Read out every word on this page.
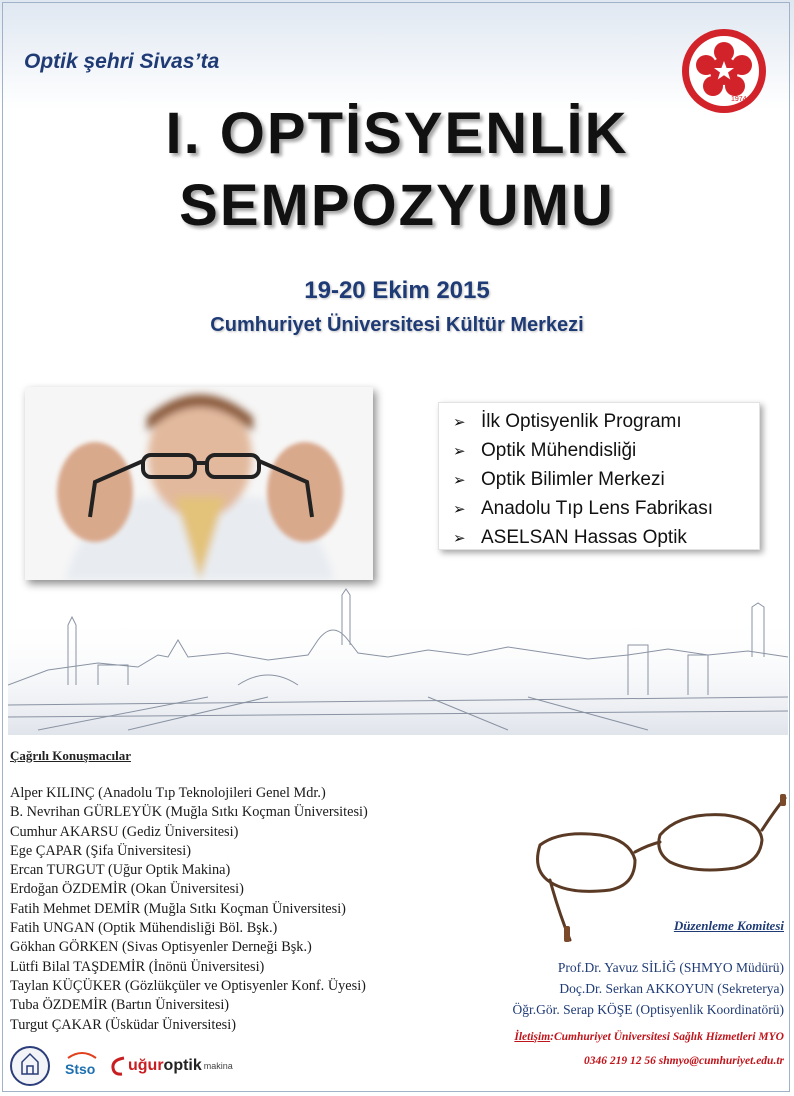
Optik şehri Sivas’ta
1974
I. OPTİSYENLİK
SEMPOZYUMU
19-20 Ekim 2015
Cumhuriyet Üniversitesi Kültür Merkezi
➢ İlk Optisyenlik Programı
➢ Optik Mühendisliği
➢ Optik Bilimler Merkezi
➢ Anadolu Tıp Lens Fabrikası
➢ ASELSAN Hassas Optik
Çağrılı Konuşmacılar
Alper KILINÇ (Anadolu Tıp Teknolojileri Genel Mdr.)
B. Nevrihan GÜRLEYÜK (Muğla Sıtkı Koçman Üniversitesi)
Cumhur AKARSU (Gediz Üniversitesi)
Ege ÇAPAR (Şifa Üniversitesi)
Ercan TURGUT (Uğur Optik Makina)
Erdoğan ÖZDEMİR (Okan Üniversitesi)
Fatih Mehmet DEMİR (Muğla Sıtkı Koçman Üniversitesi)
Fatih UNGAN (Optik Mühendisliği Böl. Bşk.)
Gökhan GÖRKEN (Sivas Optisyenler Derneği Bşk.)
Lütfi Bilal TAŞDEMİR (İnönü Üniversitesi)
Taylan KÜÇÜKER (Gözlükçüler ve Optisyenler Konf. Üyesi)
Tuba ÖZDEMİR (Bartın Üniversitesi)
Turgut ÇAKAR (Üsküdar Üniversitesi)
Düzenleme Komitesi
Prof.Dr. Yavuz SİLİĞ (SHMYO Müdürü)
Doç.Dr. Serkan AKKOYUN (Sekreterya)
Öğr.Gör. Serap KÖŞE (Optisyenlik Koordinatörü)
İletişim:Cumhuriyet Üniversitesi Sağlık Hizmetleri MYO
0346 219 12 56 shmyo@cumhuriyet.edu.tr
Stso uğur optik makina
